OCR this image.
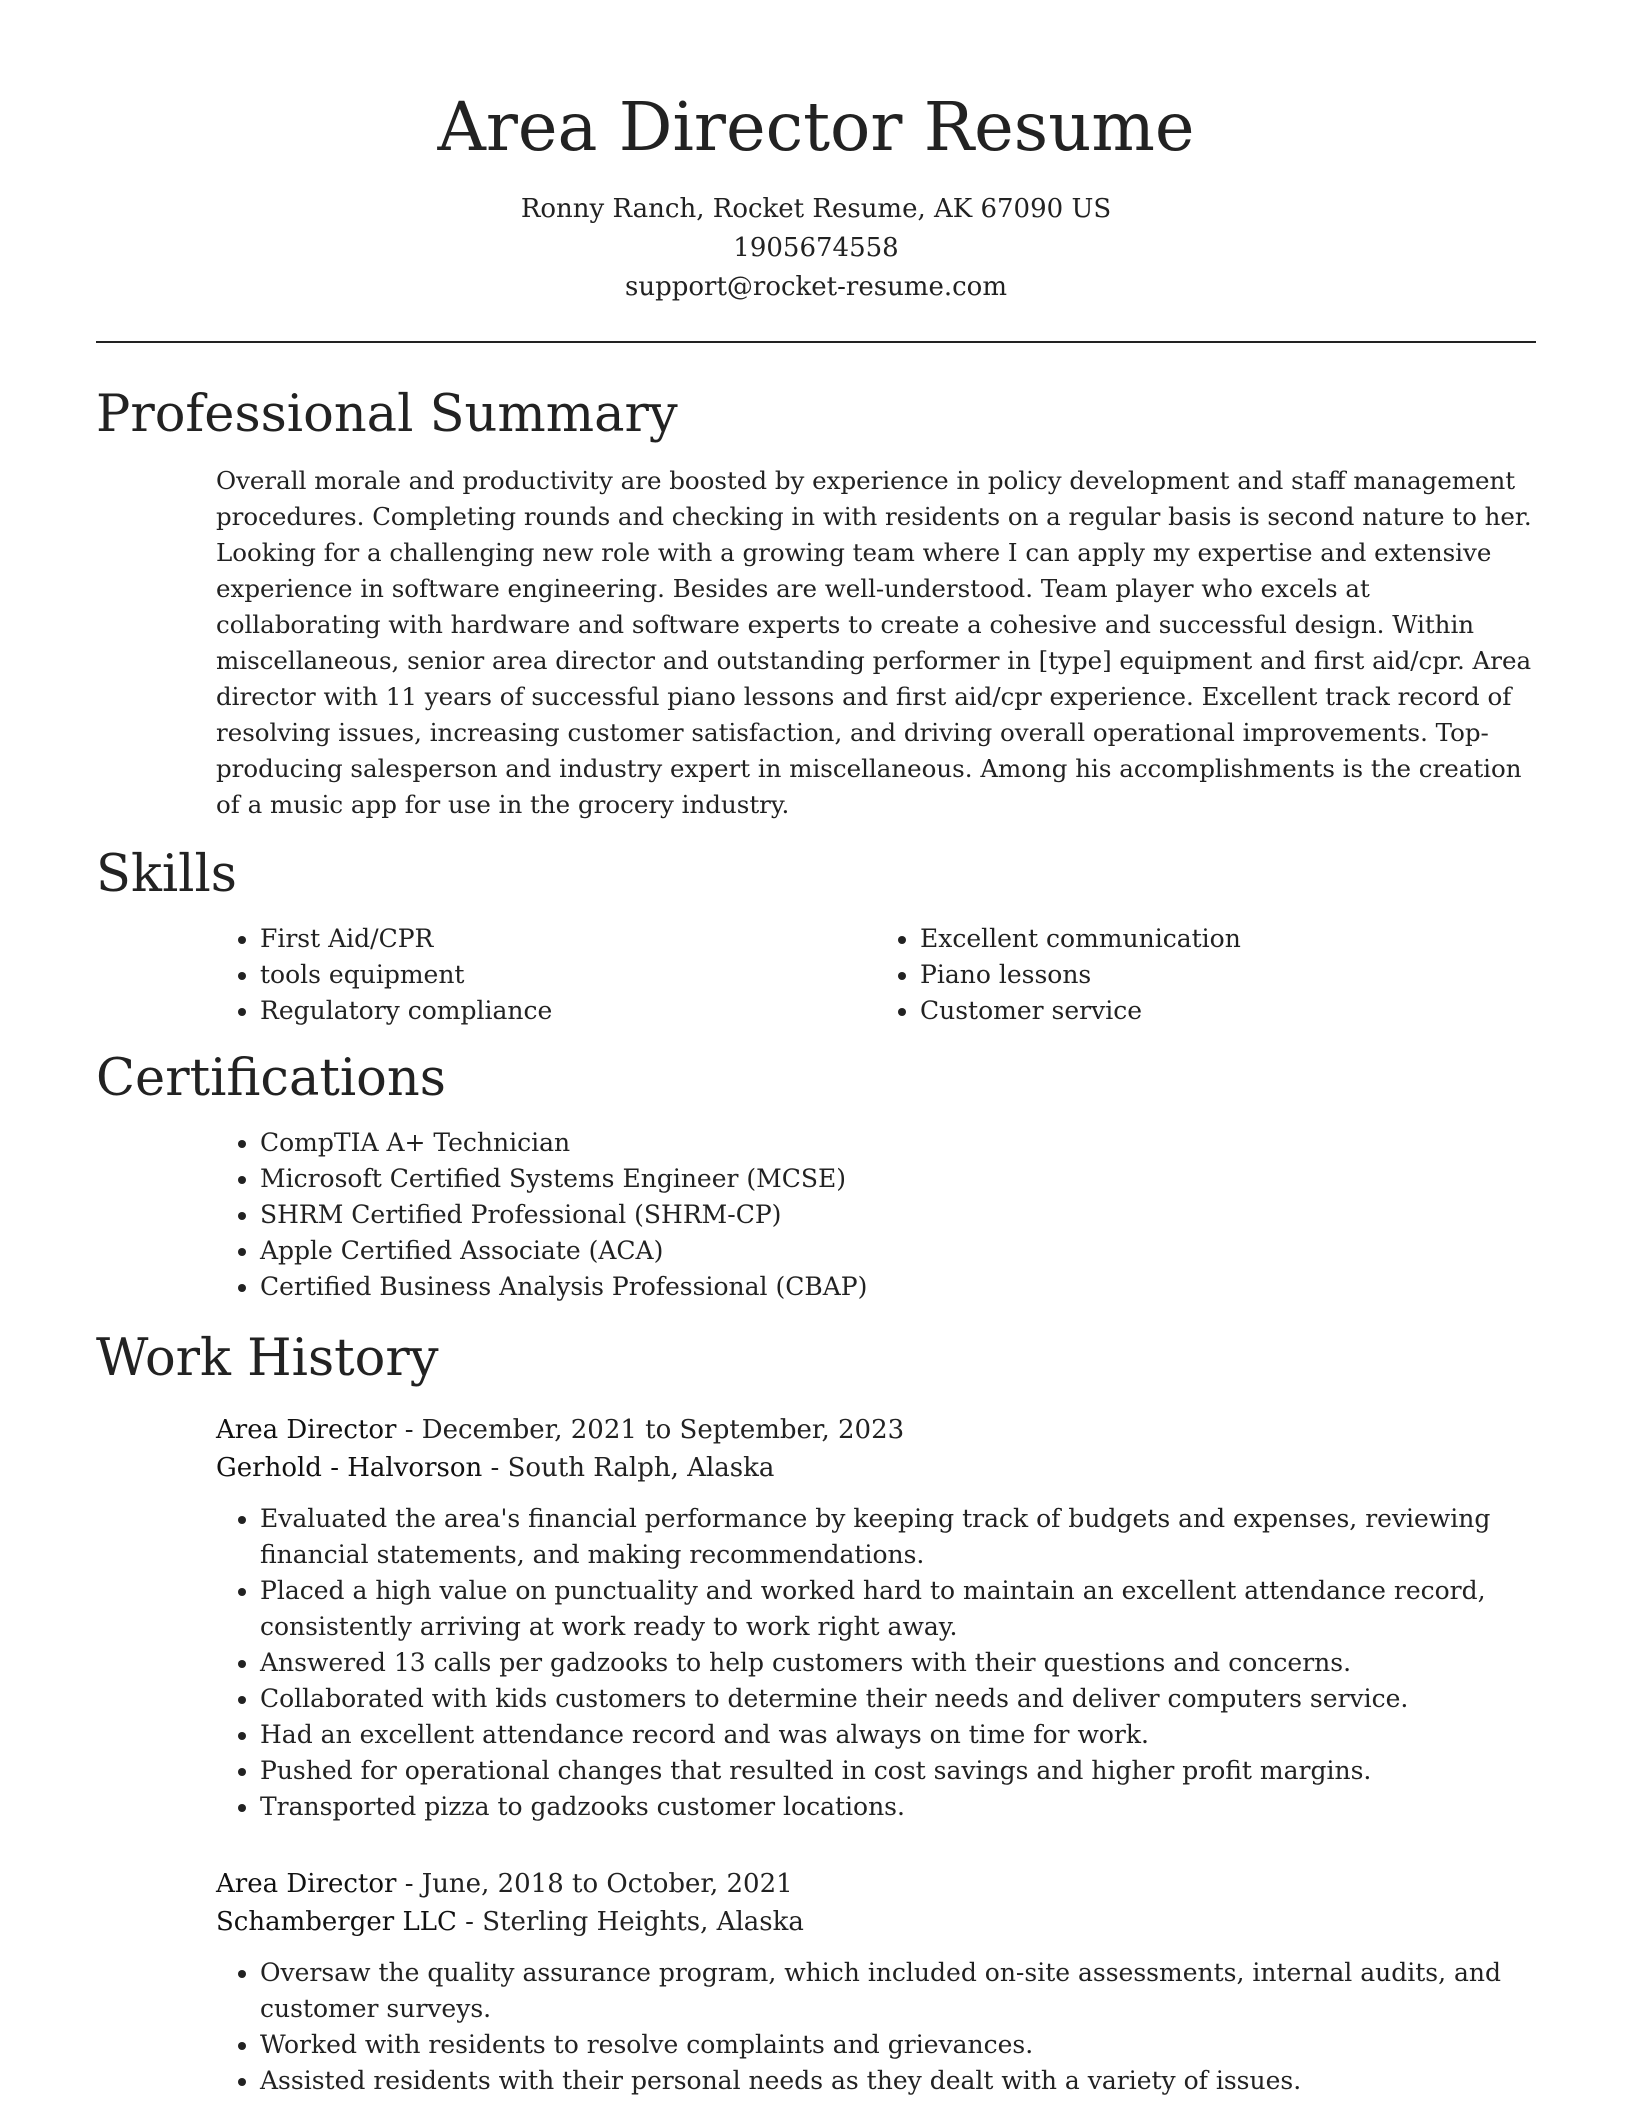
Area Director Resume
Ronny Ranch, Rocket Resume, AK 67090 US
1905674558
support@rocket-resume.com
Professional Summary
Overall morale and productivity are boosted by experience in policy development and staff management procedures. Completing rounds and checking in with residents on a regular basis is second nature to her. Looking for a challenging new role with a growing team where I can apply my expertise and extensive experience in software engineering. Besides are well-understood. Team player who excels at collaborating with hardware and software experts to create a cohesive and successful design. Within miscellaneous, senior area director and outstanding performer in [type] equipment and first aid/cpr. Area director with 11 years of successful piano lessons and first aid/cpr experience. Excellent track record of resolving issues, increasing customer satisfaction, and driving overall operational improvements. Top-producing salesperson and industry expert in miscellaneous. Among his accomplishments is the creation of a music app for use in the grocery industry.
Skills
• First Aid/CPR
• tools equipment
• Regulatory compliance
• Excellent communication
• Piano lessons
• Customer service
Certifications
• CompTIA A+ Technician
• Microsoft Certified Systems Engineer (MCSE)
• SHRM Certified Professional (SHRM-CP)
• Apple Certified Associate (ACA)
• Certified Business Analysis Professional (CBAP)
Work History
Area Director - December, 2021 to September, 2023
Gerhold - Halvorson - South Ralph, Alaska
• Evaluated the area's financial performance by keeping track of budgets and expenses, reviewing financial statements, and making recommendations.
• Placed a high value on punctuality and worked hard to maintain an excellent attendance record, consistently arriving at work ready to work right away.
• Answered 13 calls per gadzooks to help customers with their questions and concerns.
• Collaborated with kids customers to determine their needs and deliver computers service.
• Had an excellent attendance record and was always on time for work.
• Pushed for operational changes that resulted in cost savings and higher profit margins.
• Transported pizza to gadzooks customer locations.
Area Director - June, 2018 to October, 2021
Schamberger LLC - Sterling Heights, Alaska
• Oversaw the quality assurance program, which included on-site assessments, internal audits, and customer surveys.
• Worked with residents to resolve complaints and grievances.
• Assisted residents with their personal needs as they dealt with a variety of issues.
